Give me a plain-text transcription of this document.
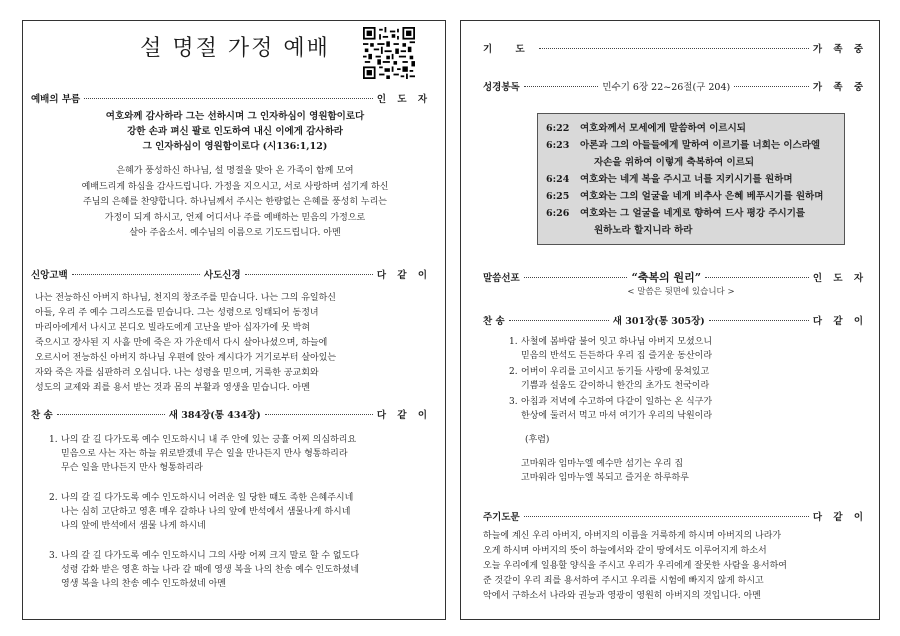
설 명절 가정 예배
예배의 부름	인 도 자
여호와께 감사하라 그는 선하시며 그 인자하심이 영원함이로다
강한 손과 펴신 팔로 인도하여 내신 이에게 감사하라
그 인자하심이 영원함이로다 (시136:1,12)
은혜가 풍성하신 하나님, 설 명절을 맞아 온 가족이 함께 모여
예배드리게 하심을 감사드립니다. 가정을 지으시고, 서로 사랑하며 섬기게 하신
주님의 은혜를 찬양합니다. 하나님께서 주시는 한량없는 은혜를 풍성히 누리는
가정이 되게 하시고, 언제 어디서나 주를 예배하는 믿음의 가정으로
살아 주옵소서. 예수님의 이름으로 기도드립니다. 아멘
신앙고백	사도신경	다 같 이
나는 전능하신 아버지 하나님, 천지의 창조주를 믿습니다. 나는 그의 유일하신
아들, 우리 주 예수 그리스도를 믿습니다. 그는 성령으로 잉태되어 동정녀
마리아에게서 나시고 본디오 빌라도에게 고난을 받아 십자가에 못 박혀
죽으시고 장사된 지 사흘 만에 죽은 자 가운데서 다시 살아나셨으며, 하늘에
오르시어 전능하신 아버지 하나님 우편에 앉아 계시다가 거기로부터 살아있는
자와 죽은 자를 심판하러 오십니다. 나는 성령을 믿으며, 거룩한 공교회와
성도의 교제와 죄를 용서 받는 것과 몸의 부활과 영생을 믿습니다. 아멘
찬 송	새 384장(통 434장)	다 같 이
1. 나의 갈 길 다가도록 예수 인도하시니 내 주 안에 있는 긍휼 어찌 의심하리요
믿음으로 사는 자는 하늘 위로받겠네 무슨 일을 만나든지 만사 형통하리라
무슨 일을 만나든지 만사 형통하리라
2. 나의 갈 길 다가도록 예수 인도하시니 어려운 일 당한 때도 족한 은혜주시네
나는 심히 고단하고 영혼 매우 갈하나 나의 앞에 반석에서 샘물나게 하시네
나의 앞에 반석에서 샘물 나게 하시네
3. 나의 갈 길 다가도록 예수 인도하시니 그의 사랑 어찌 크지 말로 할 수 없도다
성령 감화 받은 영혼 하늘 나라 갈 때에 영생 복을 나의 찬송 예수 인도하셨네
영생 복을 나의 찬송 예수 인도하셨네 아멘
기 도	가 족 중
성경봉독	민수기 6장 22~26절(구 204)	가 족 중
6:22 여호와께서 모세에게 말씀하여 이르시되
6:23 아론과 그의 아들들에게 말하여 이르기를 너희는 이스라엘
자손을 위하여 이렇게 축복하여 이르되
6:24 여호와는 네게 복을 주시고 너를 지키시기를 원하며
6:25 여호와는 그의 얼굴을 네게 비추사 은혜 베푸시기를 원하며
6:26 여호와는 그 얼굴을 네게로 향하여 드사 평강 주시기를
원하노라 할지니라 하라
말씀선포	“축복의 원리”	인 도 자
< 말씀은 뒷면에 있습니다 >
찬 송	새 301장(통 305장)	다 같 이
1. 사철에 봄바람 불어 잇고 하나님 아버지 모셨으니
믿음의 반석도 든든하다 우리 집 즐거운 동산이라
2. 어버이 우리를 고이시고 동기들 사랑에 뭉쳐있고
기쁨과 설움도 같이하니 한간의 초가도 천국이라
3. 아침과 저녁에 수고하여 다같이 일하는 온 식구가
한상에 둘러서 먹고 마셔 여기가 우리의 낙원이라
(후렴)
고마워라 임마누엘 예수만 섬기는 우리 집
고마워라 임마누엘 복되고 즐거운 하루하루
주기도문	다 같 이
하늘에 계신 우리 아버지, 아버지의 이름을 거룩하게 하시며 아버지의 나라가
오게 하시며 아버지의 뜻이 하늘에서와 같이 땅에서도 이루어지게 하소서
오늘 우리에게 일용할 양식을 주시고 우리가 우리에게 잘못한 사람을 용서하여
준 것같이 우리 죄를 용서하여 주시고 우리를 시험에 빠지지 않게 하시고
악에서 구하소서 나라와 권능과 영광이 영원히 아버지의 것입니다. 아멘
